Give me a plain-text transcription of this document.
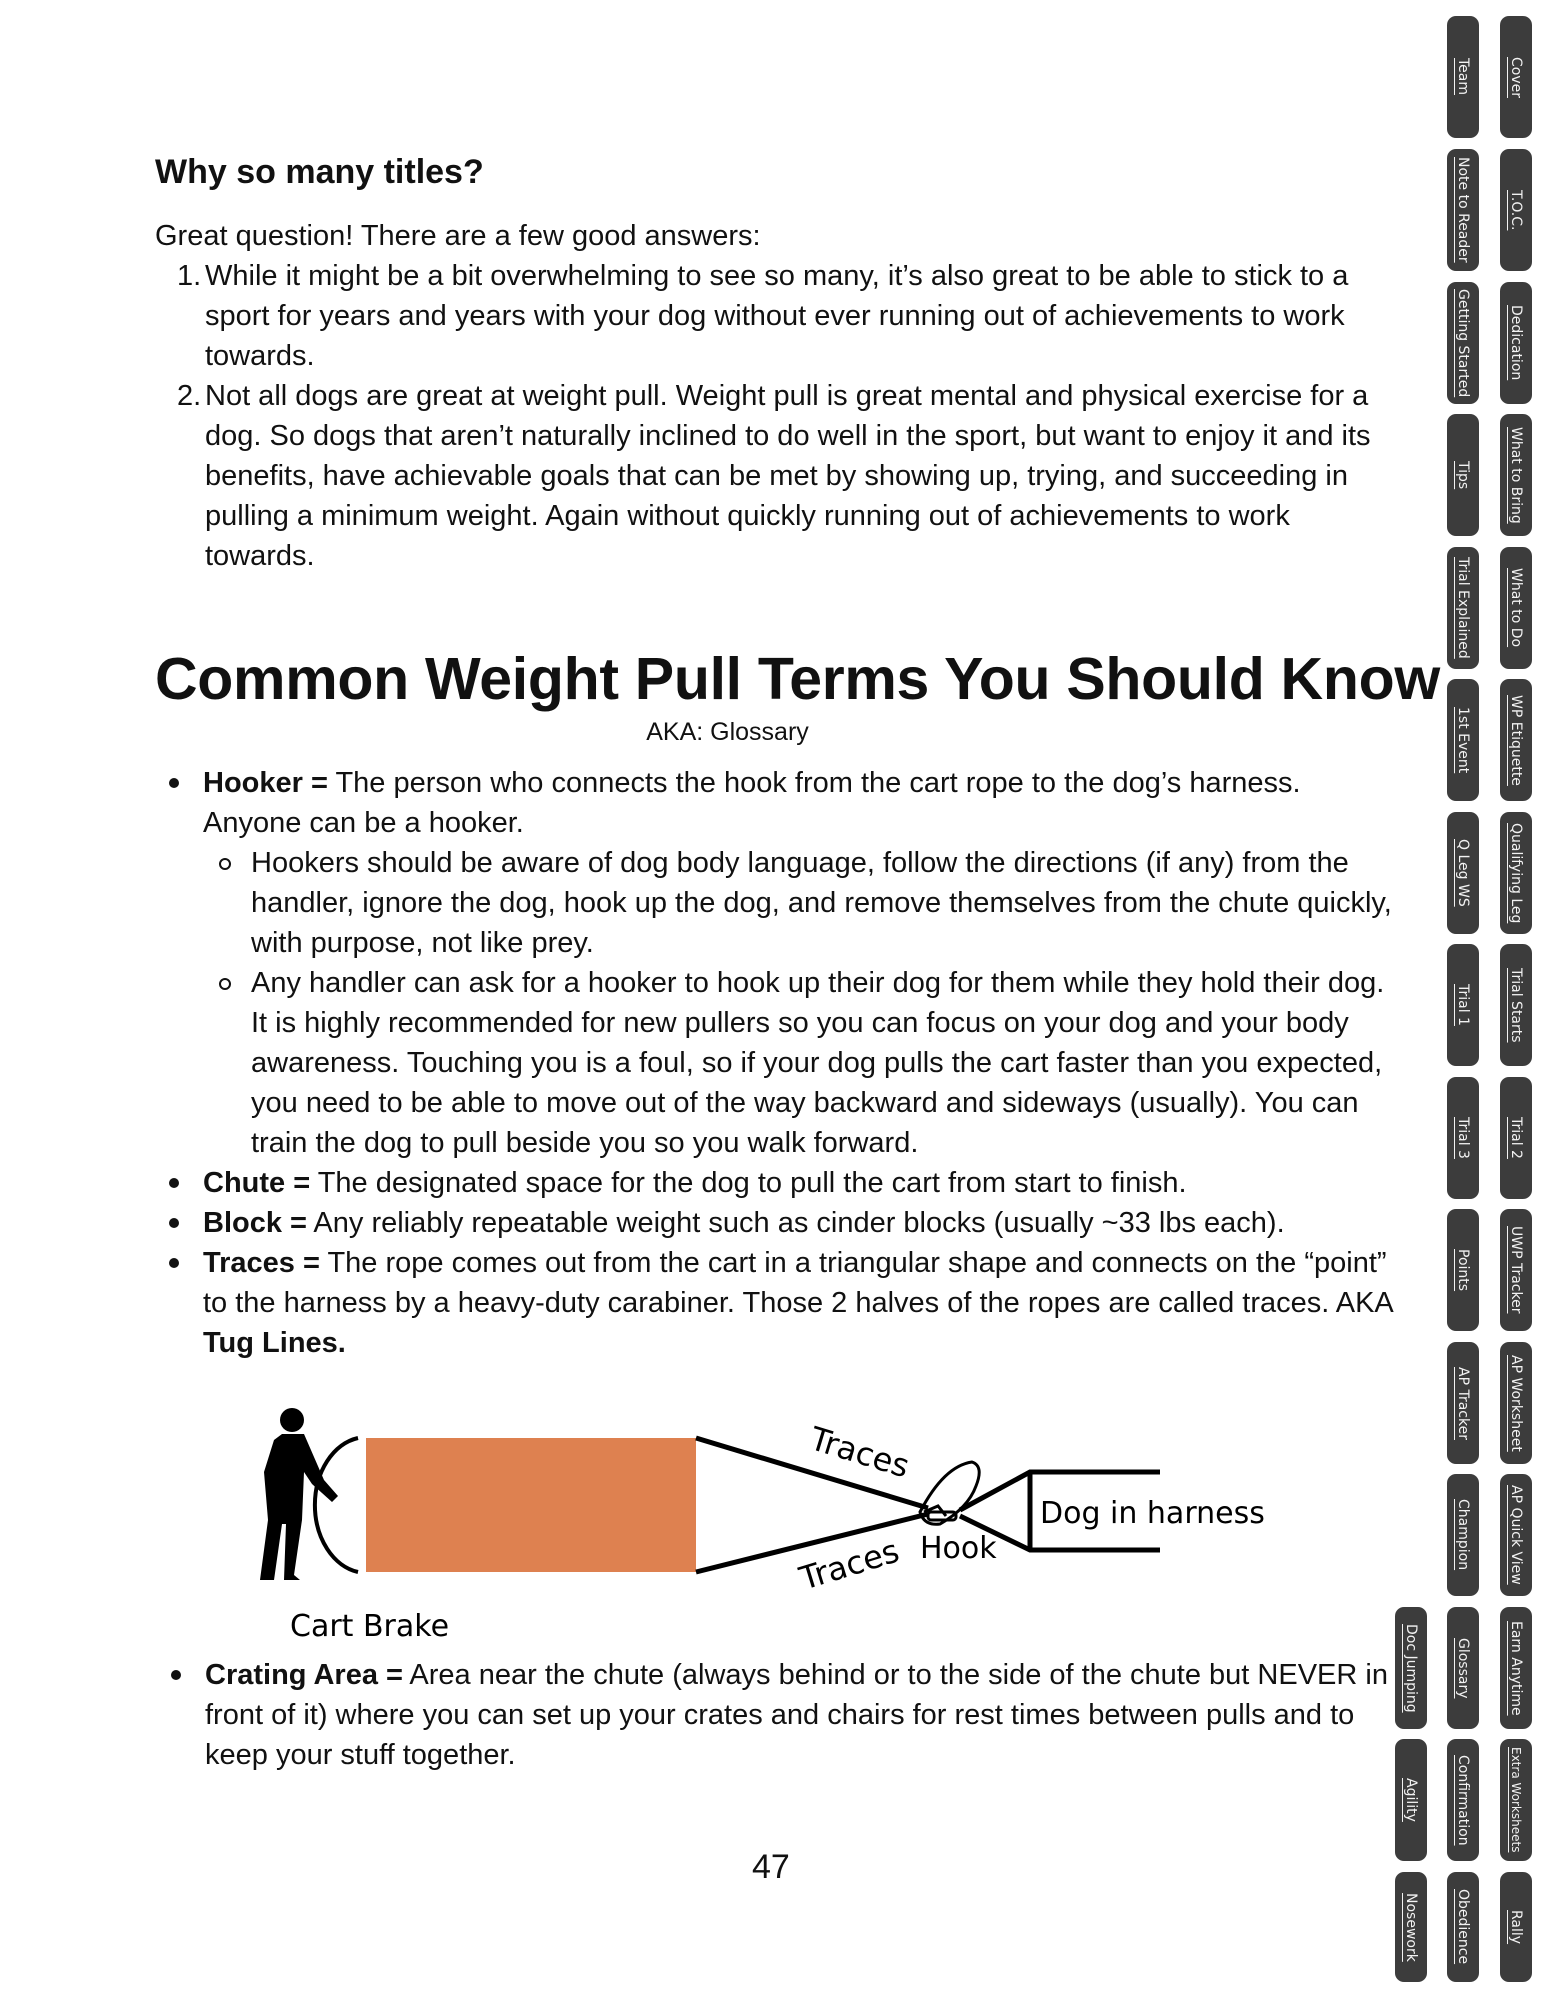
Why so many titles?

Great question! There are a few good answers:

1. While it might be a bit overwhelming to see so many, it’s also great to be able to stick to a sport for years and years with your dog without ever running out of achievements to work towards.
2. Not all dogs are great at weight pull. Weight pull is great mental and physical exercise for a dog. So dogs that aren’t naturally inclined to do well in the sport, but want to enjoy it and its benefits, have achievable goals that can be met by showing up, trying, and succeeding in pulling a minimum weight. Again without quickly running out of achievements to work towards.
Common Weight Pull Terms You Should Know

AKA: Glossary

Hooker = The person who connects the hook from the cart rope to the dog’s harness. Anyone can be a hooker.
Hookers should be aware of dog body language, follow the directions (if any) from the handler, ignore the dog, hook up the dog, and remove themselves from the chute quickly, with purpose, not like prey.
Any handler can ask for a hooker to hook up their dog for them while they hold their dog. It is highly recommended for new pullers so you can focus on your dog and your body awareness. Touching you is a foul, so if your dog pulls the cart faster than you expected, you need to be able to move out of the way backward and sideways (usually). You can train the dog to pull beside you so you walk forward.
Chute = The designated space for the dog to pull the cart from start to finish.
Block = Any reliably repeatable weight such as cinder blocks (usually ~33 lbs each).
Traces = The rope comes out from the cart in a triangular shape and connects on the “point” to the harness by a heavy-duty carabiner. Those 2 halves of the ropes are called traces. AKA Tug Lines.
Traces
Traces Hook
Dog in harness
Cart Brake
Crating Area = Area near the chute (always behind or to the side of the chute but NEVER in front of it) where you can set up your crates and chairs for rest times between pulls and to keep your stuff together.
47
Cover
T.O.C.
Dedication
What to Bring
What to Do
WP Etiquette
Qualifying Leg
Trial Starts
Trial 2
UWP Tracker
AP Worksheet
AP Quick View
Earn Anytime
Extra Worksheets
Rally
Team
Note to Reader
Getting Started
Tips
Trial Explained
1st Event
Q Leg WS
Trial 1
Trial 3
Points
AP Tracker
Champion
Glossary
Confirmation
Obedience
Doc Jumping
Agility
Nosework
